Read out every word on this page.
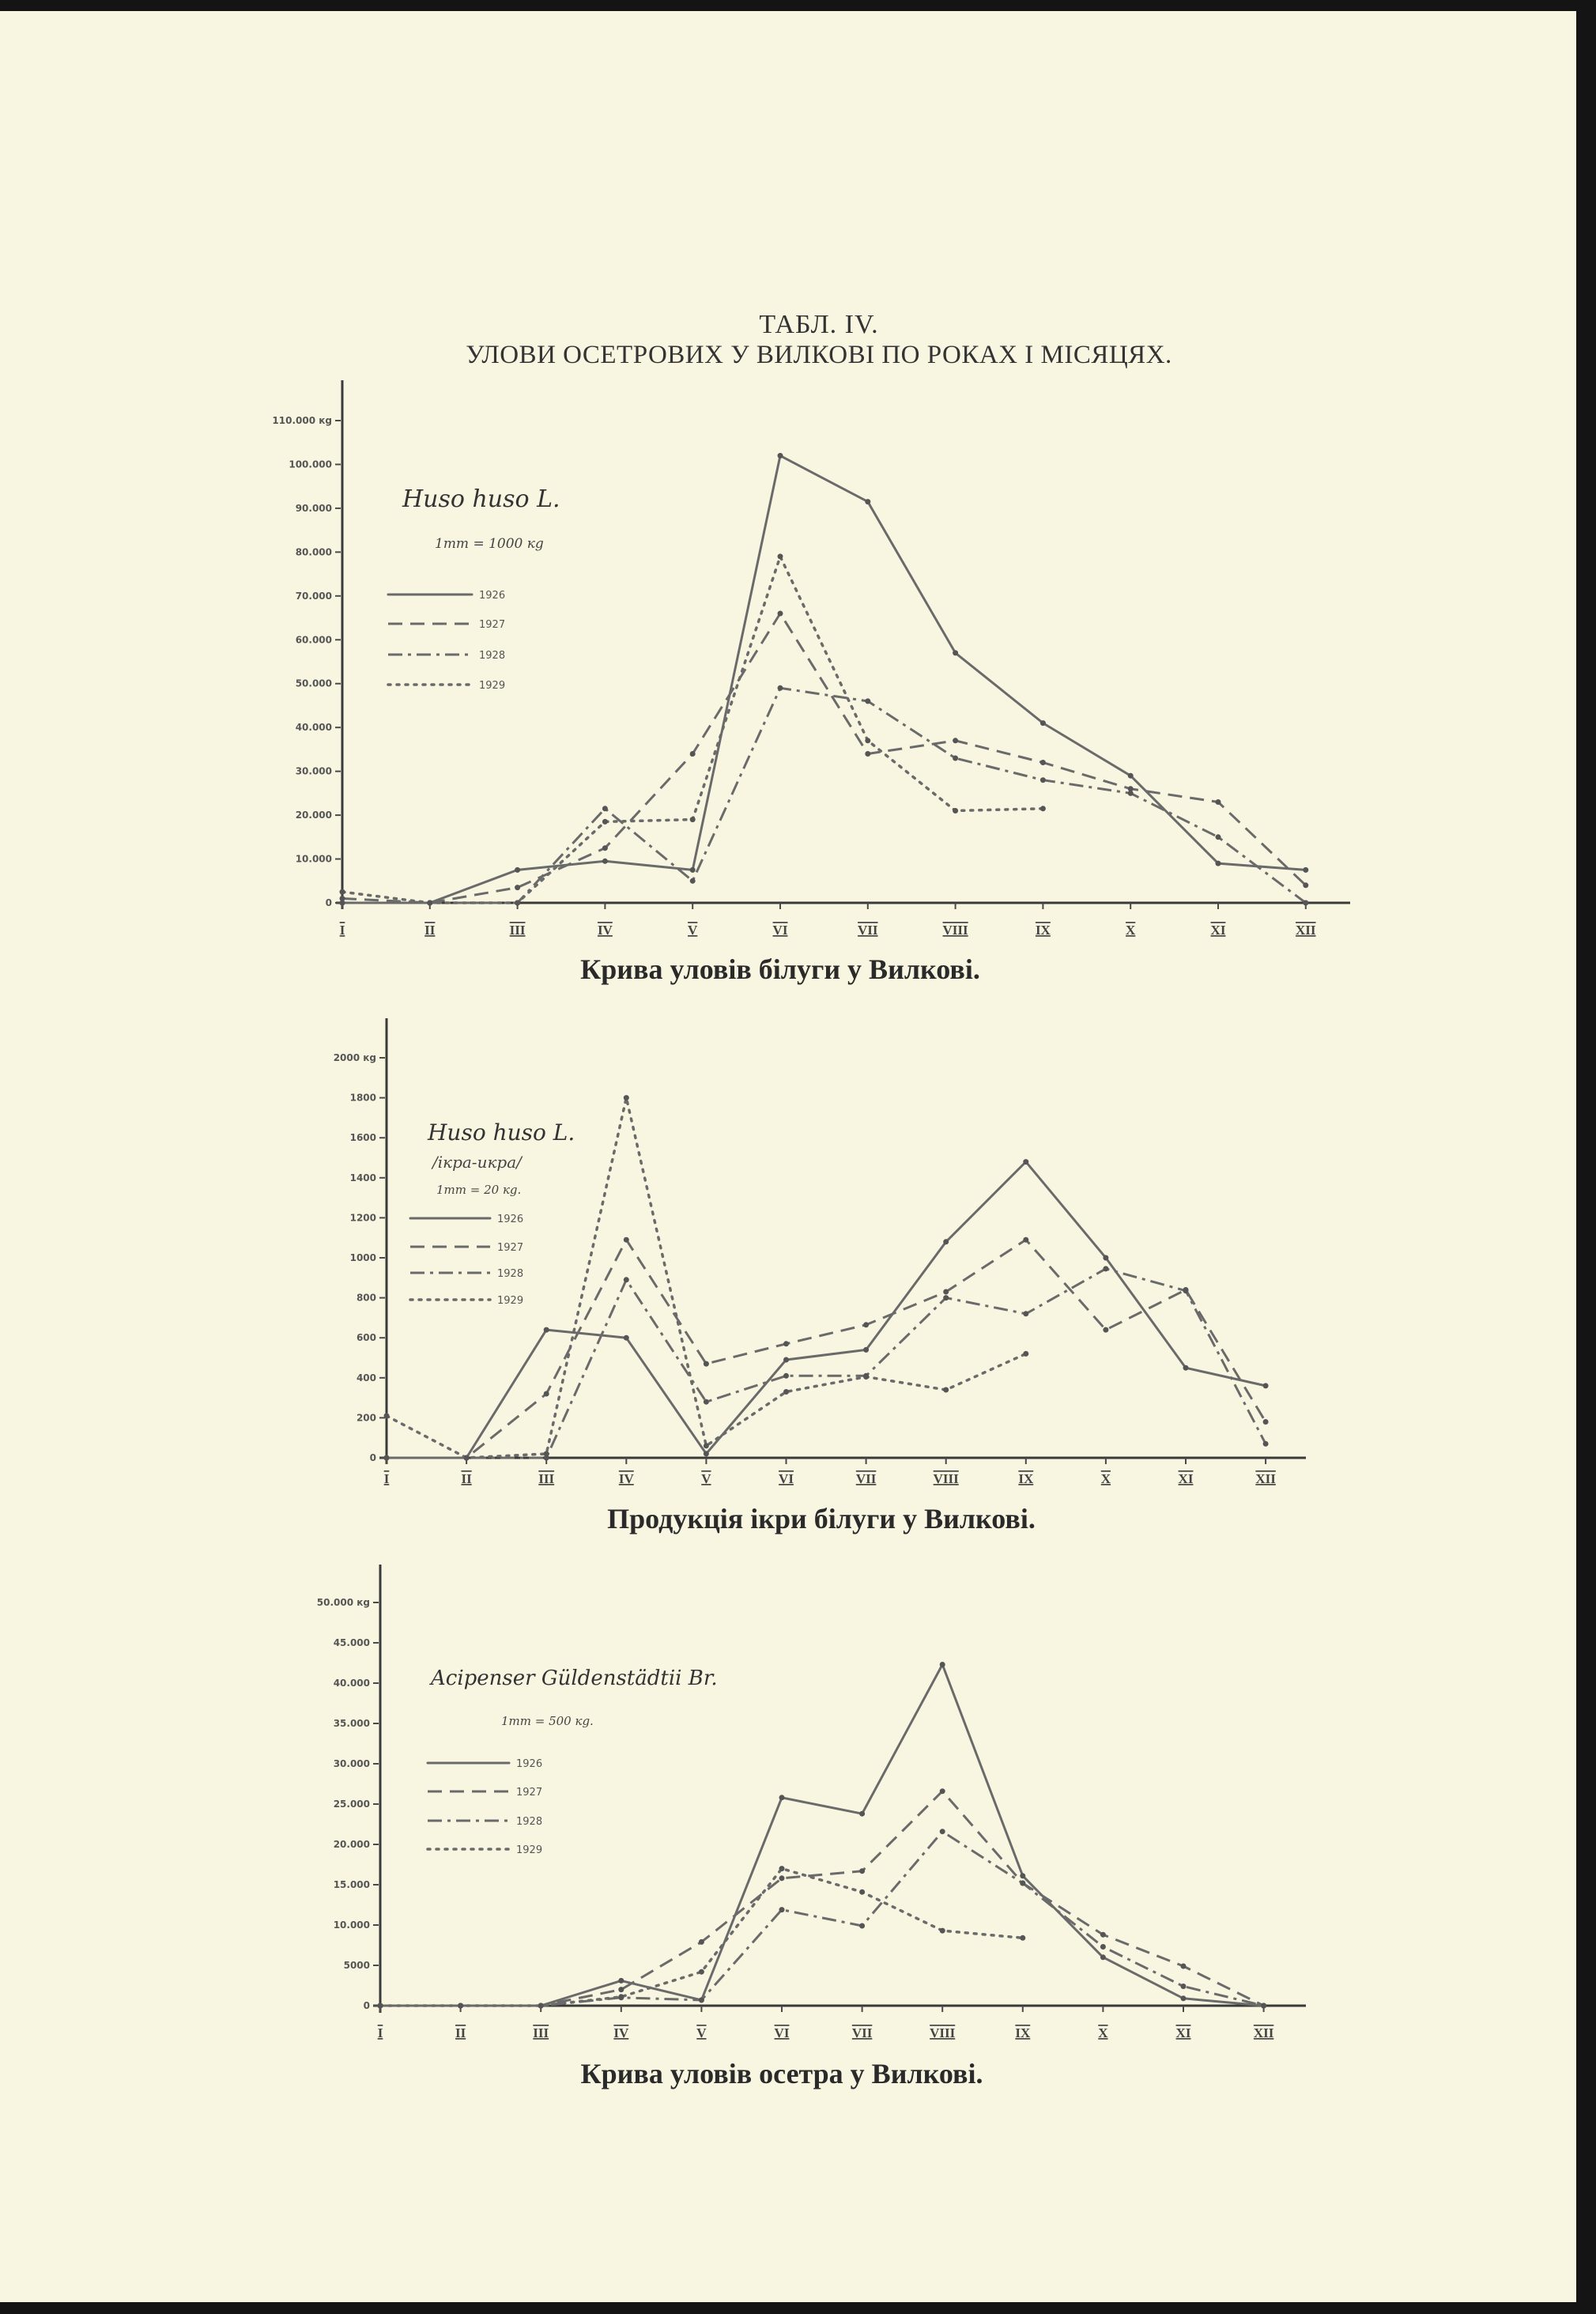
ТАБЛ. IV.
УЛОВИ ОСЕТРОВИХ У ВИЛКОВІ ПО РОКАХ І МІСЯЦЯХ.
Huso huso L.
1mm = 1000 кg
1926
1927
1928
1929
0
10.000
20.000
30.000
40.000
50.000
60.000
70.000
80.000
90.000
100.000
110.000 кg
I	II	III	IV	V	VI	VII	VIII	IX	X	XI	XII
Крива уловів білуги у Вилкові.
Huso huso L.
/ікра-икра/
1mm = 20 кg.
1926
1927
1928
1929
0
200
400
600
800
1000
1200
1400
1600
1800
2000 кg
I	II	III	IV	V	VI	VII	VIII	IX	X	XI	XII
Продукція ікри білуги у Вилкові.
Acipenser Güldenstädtii Br.
1mm = 500 кg.
1926
1927
1928
1929
0
5000
10.000
15.000
20.000
25.000
30.000
35.000
40.000
45.000
50.000 кg
I	II	III	IV	V	VI	VII	VIII	IX	X	XI	XII
Крива уловів осетра у Вилкові.
